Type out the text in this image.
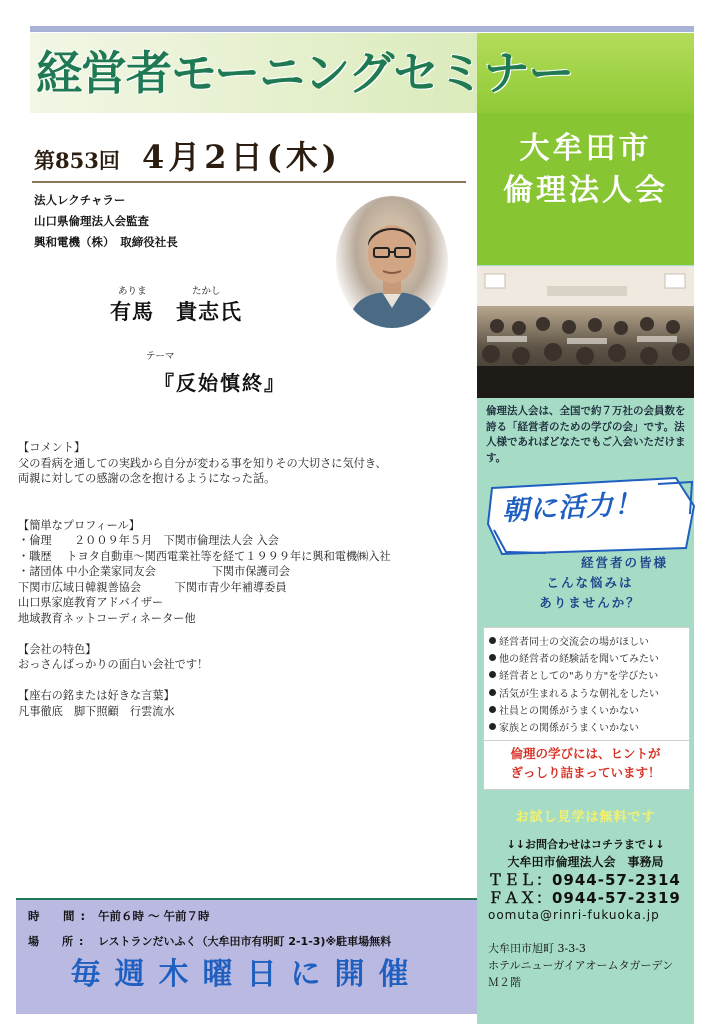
経営者モーニングセミナー
大牟田市
倫理法人会
倫理法人会は、全国で約７万社の会員数を誇る「経営者のための学びの会」です。法人様であればどなたでもご入会いただけます。
朝に活力！
経営者の皆様
こんな悩みは
ありませんか？
経営者同士の交流会の場がほしい
他の経営者の経験話を聞いてみたい
経営者としての"あり方"を学びたい
活気が生まれるような朝礼をしたい
社員との関係がうまくいかない
家族との関係がうまくいかない
倫理の学びには、ヒントが
ぎっしり詰まっています！
お試し見学は無料です
↓↓お問合わせはコチラまで↓↓
大牟田市倫理法人会　事務局
ＴＥＬ：0944-57-2314
ＦＡＸ：0944-57-2319
oomuta@rinri-fukuoka.jp
大牟田市旭町 3-3-3
ホテルニューガイアオームタガーデン
Ｍ２階
第853回 4月2日(木)
法人レクチャラー
山口県倫理法人会監査
興和電機（株）　取締役社長
ありま	たかし
有馬　貴志氏
テーマ
『反始慎終』
【コメント】
父の看病を通しての実践から自分が変わる事を知りその大切さに気付き、
両親に対しての感謝の念を抱けるようになった話。
【簡単なプロフィール】
・倫理　　２００９年５月　下関市倫理法人会 入会
・職歴　 トヨタ自動車～関西電業社等を経て１９９９年に興和電機㈱入社
・諸団体 中小企業家同友会　　　　　下関市保護司会
下関市広域日韓親善協会　　　下関市青少年補導委員
山口県家庭教育アドバイザー
地域教育ネットコーディネーター他
【会社の特色】
おっさんばっかりの面白い会社です！
【座右の銘または好きな言葉】
凡事徹底　脚下照顧　行雲流水
時　間: 午前６時 ～ 午前７時
場　所: レストランだいふく（大牟田市有明町 2-1-3)※駐車場無料
毎週木曜日に開催
